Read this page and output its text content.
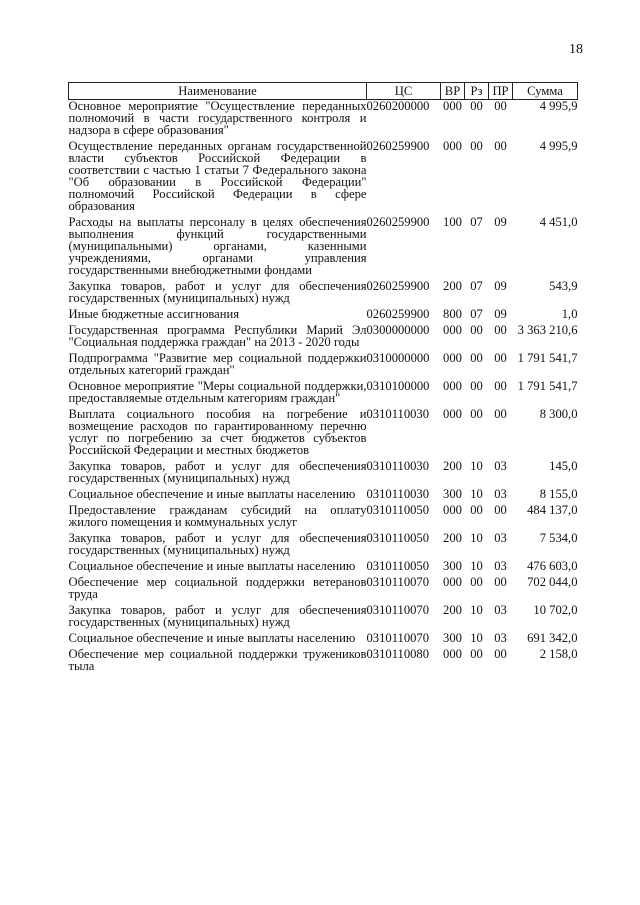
18
Наименование	ЦС	ВР	Рз	ПР	Сумма
Основное мероприятие "Осуществление переданных полномочий в части государственного контроля и надзора в сфере образования"	0260200000	000	00	00	4 995,9
Осуществление переданных органам государственной власти субъектов Российской Федерации в соответствии с частью 1 статьи 7 Федерального закона "Об образовании в Российской Федерации" полномочий Российской Федерации в сфере образования	0260259900	000	00	00	4 995,9
Расходы на выплаты персоналу в целях обеспечения выполнения функций государственными (муниципальными) органами, казенными учреждениями, органами управления государственными внебюджетными фондами	0260259900	100	07	09	4 451,0
Закупка товаров, работ и услуг для обеспечения государственных (муниципальных) нужд	0260259900	200	07	09	543,9
Иные бюджетные ассигнования	0260259900	800	07	09	1,0
Государственная программа Республики Марий Эл "Социальная поддержка граждан" на 2013 - 2020 годы	0300000000	000	00	00	3 363 210,6
Подпрограмма "Развитие мер социальной поддержки отдельных категорий граждан"	0310000000	000	00	00	1 791 541,7
Основное мероприятие "Меры социальной поддержки, предоставляемые отдельным категориям граждан"	0310100000	000	00	00	1 791 541,7
Выплата социального пособия на погребение и возмещение расходов по гарантированному перечню услуг по погребению за счет бюджетов субъектов Российской Федерации и местных бюджетов	0310110030	000	00	00	8 300,0
Закупка товаров, работ и услуг для обеспечения государственных (муниципальных) нужд	0310110030	200	10	03	145,0
Социальное обеспечение и иные выплаты населению	0310110030	300	10	03	8 155,0
Предоставление гражданам субсидий на оплату жилого помещения и коммунальных услуг	0310110050	000	00	00	484 137,0
Закупка товаров, работ и услуг для обеспечения государственных (муниципальных) нужд	0310110050	200	10	03	7 534,0
Социальное обеспечение и иные выплаты населению	0310110050	300	10	03	476 603,0
Обеспечение мер социальной поддержки ветеранов труда	0310110070	000	00	00	702 044,0
Закупка товаров, работ и услуг для обеспечения государственных (муниципальных) нужд	0310110070	200	10	03	10 702,0
Социальное обеспечение и иные выплаты населению	0310110070	300	10	03	691 342,0
Обеспечение мер социальной поддержки тружеников тыла	0310110080	000	00	00	2 158,0
